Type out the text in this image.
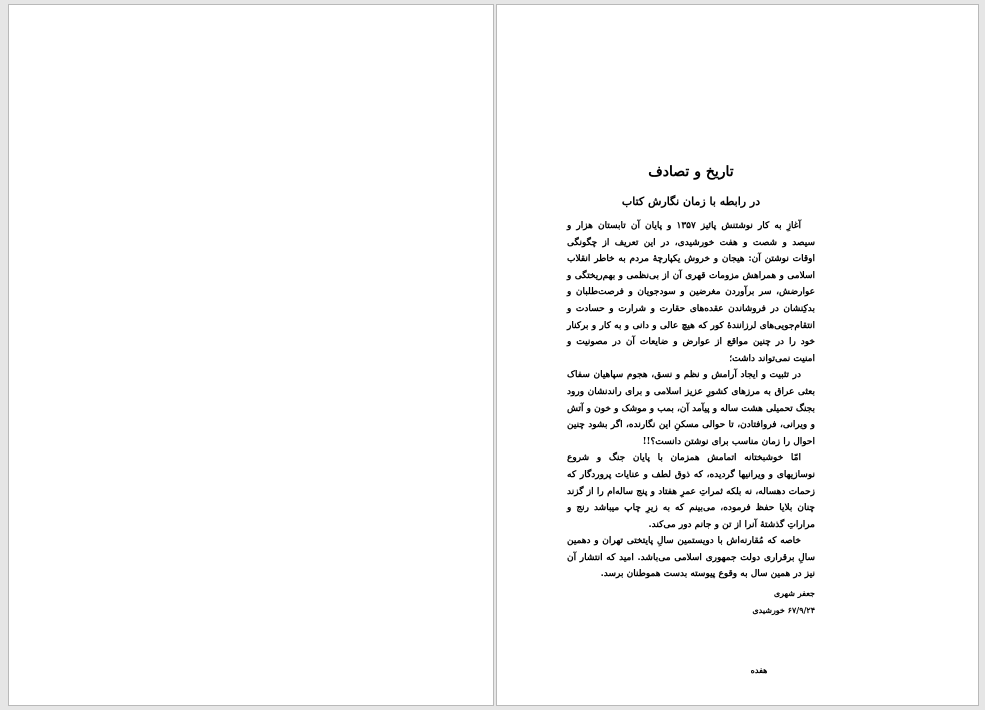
تاریخ و تصادف
در رابطه با زمان نگارش کتاب

آغازِ به کار نوشتنش پائیز ۱۳۵۷ و پایان آن تابستان هزار و سیصد و شصت و هفت خورشیدی، در این تعریف از چگونگی اوقات نوشتن آن: هیجان و خروش یکپارچهٔ مردم به خاطر انقلاب اسلامی و همراهش مزومات قهری آن از بی‌نظمی و بهم‌ریختگی و عوارضش، سر برآوردن مغرضین و سودجویان و فرصت‌طلبان و بدکِنشان در فروشاندن عقده‌های حقارت و شرارت و حسادت و انتقام‌جویی‌های لرزانندهٔ کور که هیچ عالی و دانی و به کار و برکنار خود را در چنین مواقع از عوارض و ضایعات آن در مصونیت و امنیت نمی‌تواند داشت؛

در تثبیت و ایجاد آرامش و نظم و نسق، هجوم سپاهیان سفاک بعثی عراق به مرزهای کشورِ عزیز اسلامی و برای راندنشان ورود بجنگ تحمیلی هشت ساله و پیآمد آن، بمب و موشک و خون و آتش و ویرانی، فروافتادن، تا حوالی مسکنِ این نگارنده، اگر بشود چنین احوال را زمان مناسب برای نوشتن دانست؟!!

امّا خوشبختانه اتمامش همزمان با پایان جنگ و شروع نوسازیهای و ویرانیها گردیده، که ذوق لطف و عنایات پروردگار که زحمات دهساله، نه بلکه ثمراتِ عمرِ هفتاد و پنج ساله‌ام را از گزند چنان بلایا حفظ فرموده، می‌بینم که به زیرِ چاپ میباشد رنج و مراراتِ گذشتهٔ آنرا از تن و جانم دور می‌کند.

خاصه که مُقارنه‌اش با دویستمین سالِ پایتختی تهران و دهمین سالِ برقراری دولت جمهوری اسلامی می‌باشد. امید که انتشار آن نیز در همین سال به وقوع پیوسته بدست هموطنان برسد.

جعفر شهری

۶۷/۹/۲۴ خورشیدی

هفده
